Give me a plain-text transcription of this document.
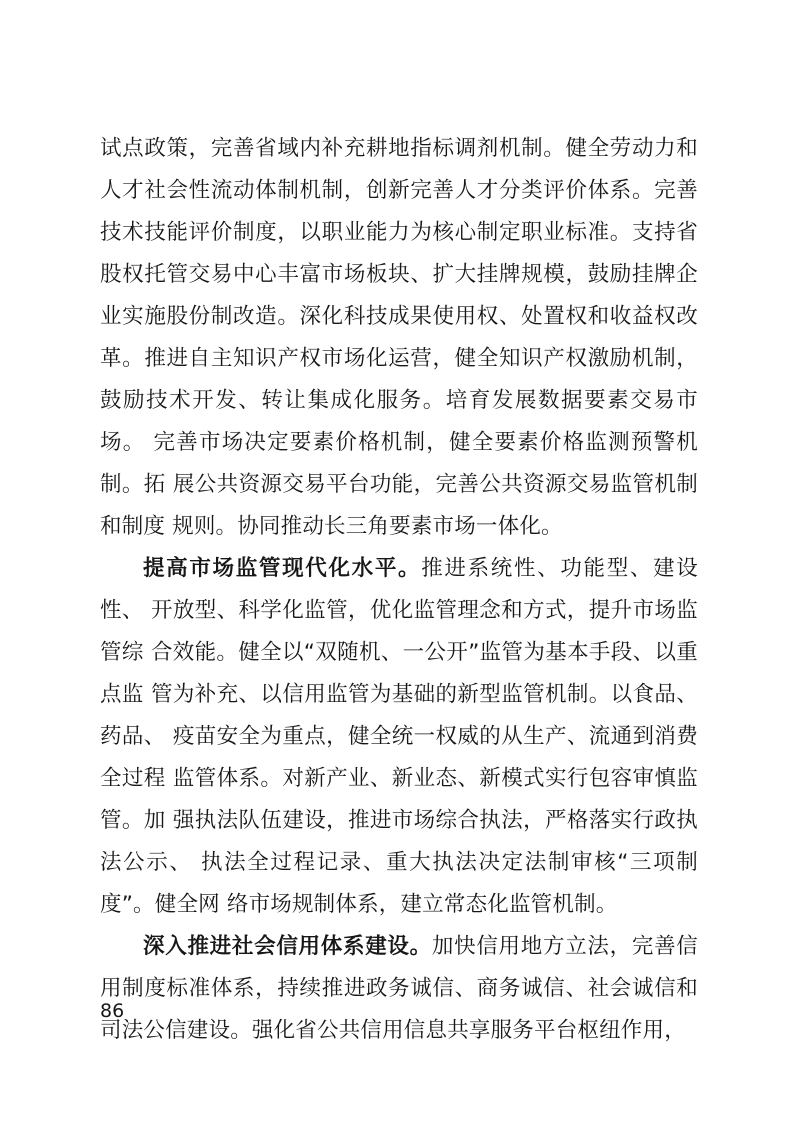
试点政策，完善省域内补充耕地指标调剂机制。健全劳动力和人才社会性流动体制机制，创新完善人才分类评价体系。完善技术技能评价制度，以职业能力为核心制定职业标准。支持省股权托管交易中心丰富市场板块、扩大挂牌规模，鼓励挂牌企业实施股份制改造。深化科技成果使用权、处置权和收益权改革。推进自主知识产权市场化运营，健全知识产权激励机制，鼓励技术开发、转让集成化服务。培育发展数据要素交易市场。 完善市场决定要素价格机制，健全要素价格监测预警机制。拓 展公共资源交易平台功能，完善公共资源交易监管机制和制度 规则。协同推动长三角要素市场一体化。

提高市场监管现代化水平。推进系统性、功能型、建设性、 开放型、科学化监管，优化监管理念和方式，提升市场监管综 合效能。健全以“双随机、一公开”监管为基本手段、以重点监 管为补充、以信用监管为基础的新型监管机制。以食品、药品、 疫苗安全为重点，健全统一权威的从生产、流通到消费全过程 监管体系。对新产业、新业态、新模式实行包容审慎监管。加 强执法队伍建设，推进市场综合执法，严格落实行政执法公示、 执法全过程记录、重大执法决定法制审核“三项制度”。健全网 络市场规制体系，建立常态化监管机制。

深入推进社会信用体系建设。加快信用地方立法，完善信用制度标准体系，持续推进政务诚信、商务诚信、社会诚信和 司法公信建设。强化省公共信用信息共享服务平台枢纽作用，

86
